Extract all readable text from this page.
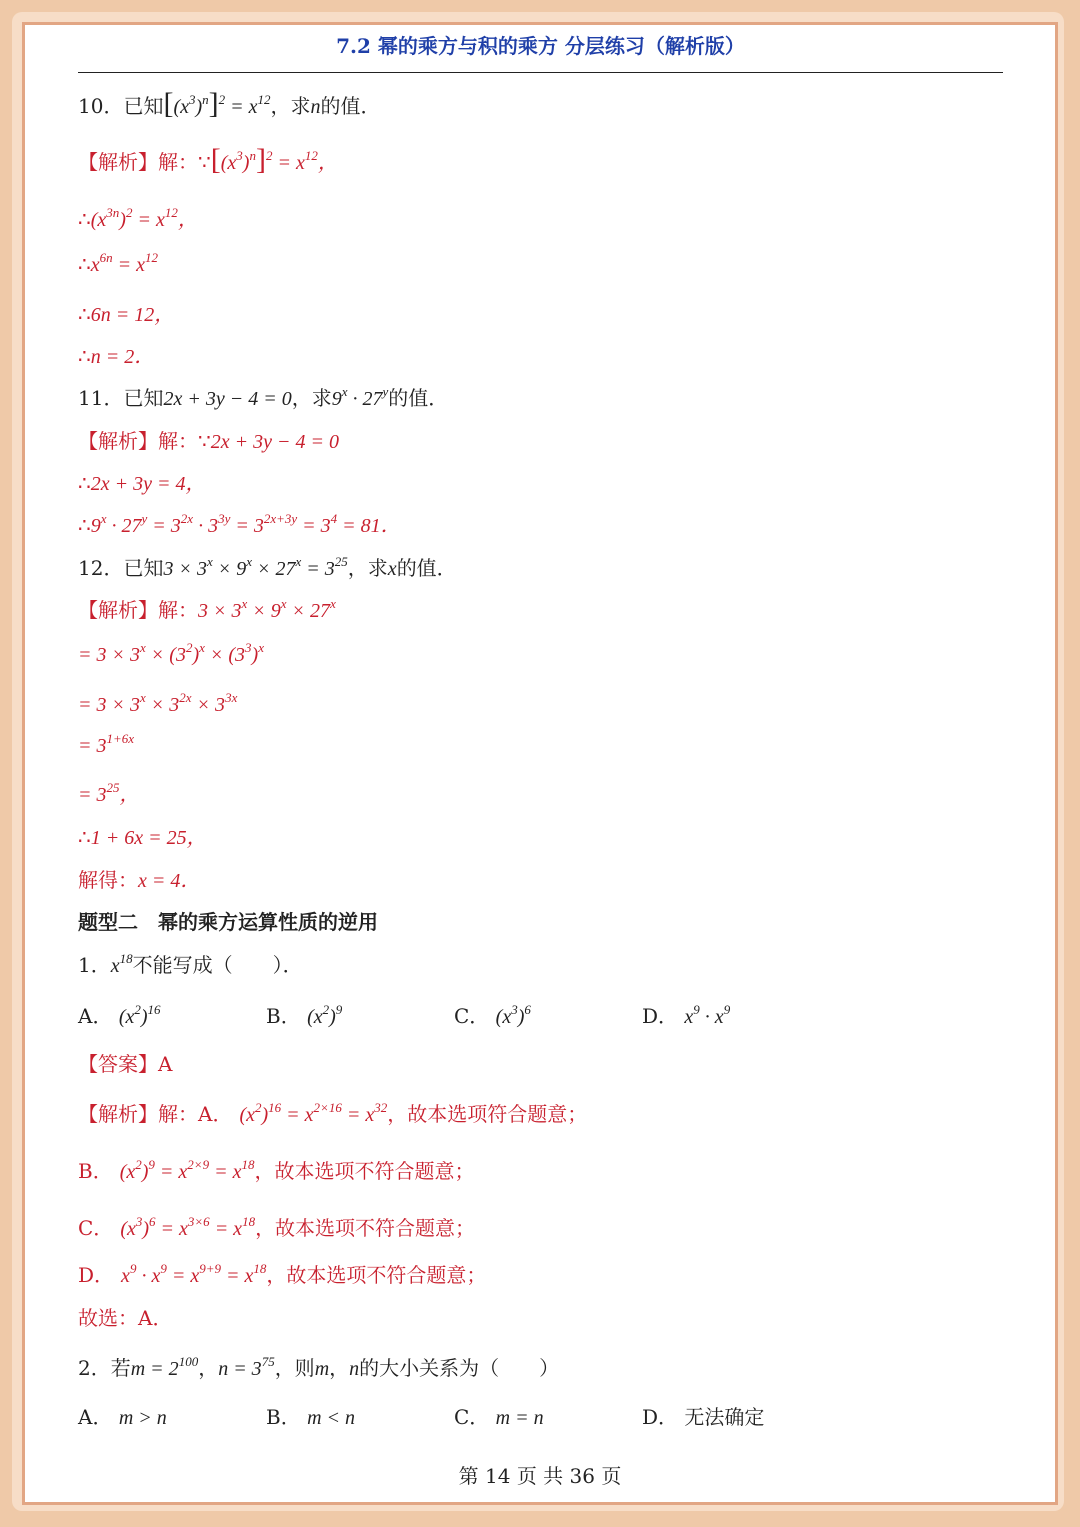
7.2 幂的乘方与积的乘方 分层练习（解析版）
10．已知 $[(x^3)^n]^2 = x^{12}$ ，求 n 的值．
【解析】解： ∵ $[(x^3)^n]^2 = x^{12}$，
∴ $(x^{3n})^2 = x^{12}$，
∴ $x^{6n} = x^{12}$
∴ 6n = 12，
∴ n = 2．
11．已知 2x + 3y − 4 = 0 ，求 $9^x \cdot 27^y$ 的值．
【解析】解： ∵ 2x + 3y − 4 = 0
∴ 2x + 3y = 4，
∴ $9^x \cdot 27^y = 3^{2x} \cdot 3^{3y} = 3^{2x+3y} = 3^4 = 81$．
12．已知 $3 \times 3^x \times 9^x \times 27^x = 3^{25}$ ，求 x 的值．
【解析】解： $3 \times 3^x \times 9^x \times 27^x$
= $3 \times 3^x \times (3^2)^x \times (3^3)^x$
= $3 \times 3^x \times 3^{2x} \times 3^{3x}$
= $3^{1+6x}$
= $3^{25}$，
∴ 1 + 6x = 25，
解得： x = 4．
题型二　幂的乘方运算性质的逆用
1． $x^{18}$ 不能写成（　　）．
A． $(x^2)^{16}$	B． $(x^2)^9$	C． $(x^3)^6$	D． $x^9 \cdot x^9$
【答案】 A
【解析】解： A． $(x^2)^{16} = x^{2\times 16} = x^{32}$ ，故本选项符合题意；
B． $(x^2)^9 = x^{2\times 9} = x^{18}$ ，故本选项不符合题意；
C． $(x^3)^6 = x^{3\times 6} = x^{18}$ ，故本选项不符合题意；
D． $x^9 \cdot x^9 = x^{9+9} = x^{18}$ ，故本选项不符合题意；
故选：A．
2．若 $m = 2^{100}$ ， $n = 3^{75}$ ，则 m ， n 的大小关系为（　　）
A． m > n	B． m < n	C． m = n	D． 无法确定
第 14 页 共 36 页
